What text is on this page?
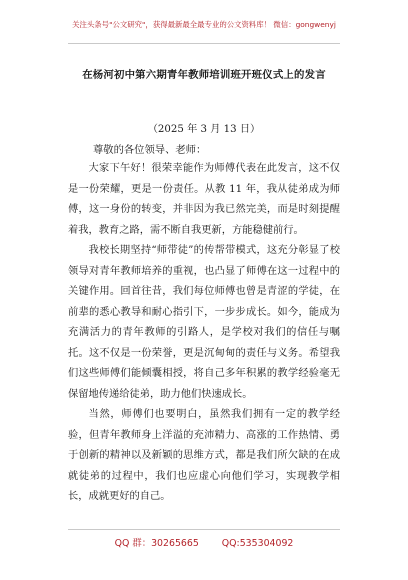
关注头条号"公文研究"，获得最新最全最专业的公文资料库！ 微信：gongwenyj
在杨河初中第六期青年教师培训班开班仪式上的发言
（2025 年 3 月 13 日）
尊敬的各位领导、老师：

大家下午好！很荣幸能作为师傅代表在此发言，这不仅是一份荣耀，更是一份责任。从教 11 年，我从徒弟成为师傅，这一身份的转变，并非因为我已然完美，而是时刻提醒着我，教育之路，需不断自我更新，方能稳健前行。

我校长期坚持“师带徒”的传帮带模式，这充分彰显了校领导对青年教师培养的重视，也凸显了师傅在这一过程中的关键作用。回首往昔，我们每位师傅也曾是青涩的学徒，在前辈的悉心教导和耐心指引下，一步步成长。如今，能成为充满活力的青年教师的引路人，是学校对我们的信任与嘱托。这不仅是一份荣誉，更是沉甸甸的责任与义务。希望我们这些师傅们能倾囊相授，将自己多年积累的教学经验毫无保留地传递给徒弟，助力他们快速成长。

当然，师傅们也要明白，虽然我们拥有一定的教学经验，但青年教师身上洋溢的充沛精力、高涨的工作热情、勇于创新的精神以及新颖的思维方式，都是我们所欠缺的在成就徒弟的过程中，我们也应虚心向他们学习，实现教学相长，成就更好的自己。

QQ 群：30265665 QQ:535304092
